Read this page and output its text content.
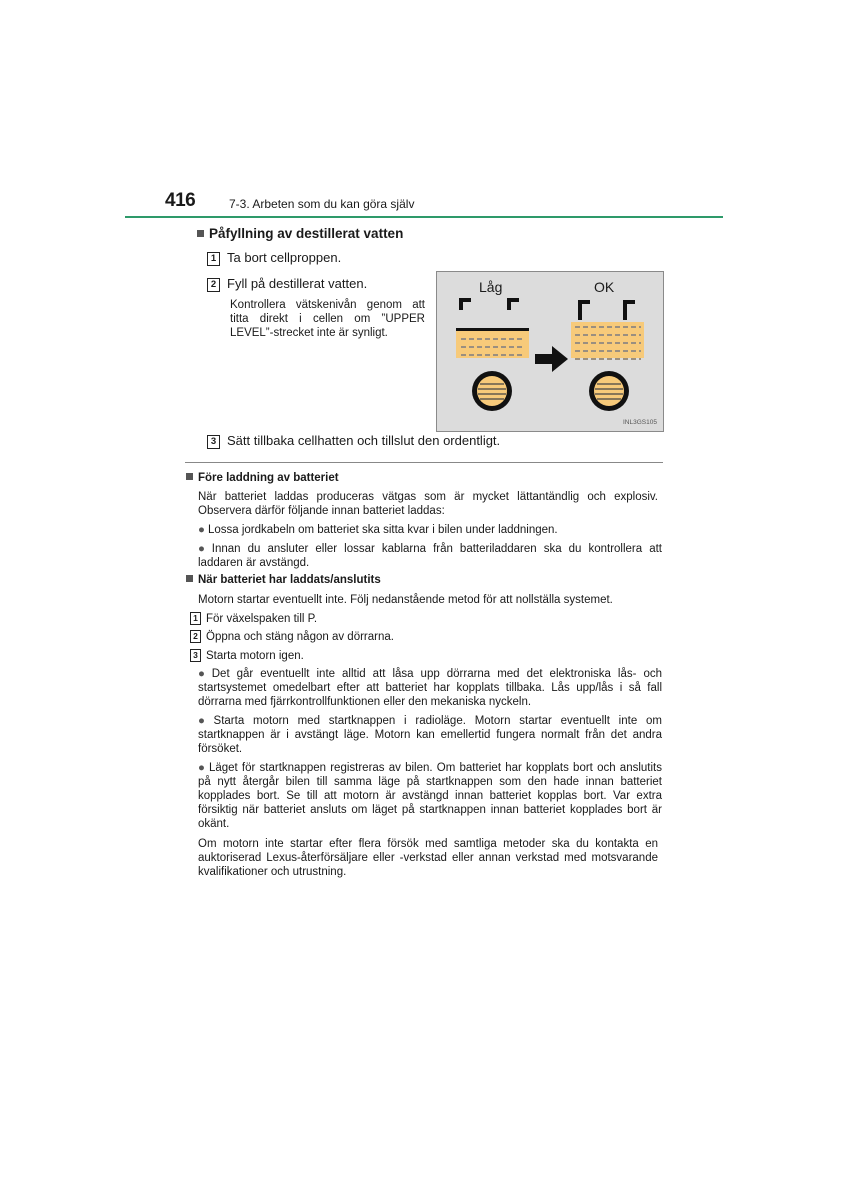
416	7-3. Arbeten som du kan göra själv
Påfyllning av destillerat vatten
1 Ta bort cellproppen.
2 Fyll på destillerat vatten.
Kontrollera vätskenivån genom att titta direkt i cellen om ”UPPER LEVEL”-strecket inte är synligt.
Låg	OK
INL3GS105
3 Sätt tillbaka cellhatten och tillslut den ordentligt.
Före laddning av batteriet
När batteriet laddas produceras vätgas som är mycket lättantändlig och explosiv. Observera därför följande innan batteriet laddas:
● Lossa jordkabeln om batteriet ska sitta kvar i bilen under laddningen.
● Innan du ansluter eller lossar kablarna från batteriladdaren ska du kontrollera att laddaren är avstängd.
När batteriet har laddats/anslutits
Motorn startar eventuellt inte. Följ nedanstående metod för att nollställa systemet.
1 För växelspaken till P.
2 Öppna och stäng någon av dörrarna.
3 Starta motorn igen.
● Det går eventuellt inte alltid att låsa upp dörrarna med det elektroniska lås- och startsystemet omedelbart efter att batteriet har kopplats tillbaka. Lås upp/lås i så fall dörrarna med fjärrkontrollfunktionen eller den mekaniska nyckeln.
● Starta motorn med startknappen i radioläge. Motorn startar eventuellt inte om startknappen är i avstängt läge. Motorn kan emellertid fungera normalt från det andra försöket.
● Läget för startknappen registreras av bilen. Om batteriet har kopplats bort och anslutits på nytt återgår bilen till samma läge på startknappen som den hade innan batteriet kopplades bort. Se till att motorn är avstängd innan batteriet kopplas bort. Var extra försiktig när batteriet ansluts om läget på startknappen innan batteriet kopplades bort är okänt.
Om motorn inte startar efter flera försök med samtliga metoder ska du kontakta en auktoriserad Lexus-återförsäljare eller -verkstad eller annan verkstad med motsvarande kvalifikationer och utrustning.
